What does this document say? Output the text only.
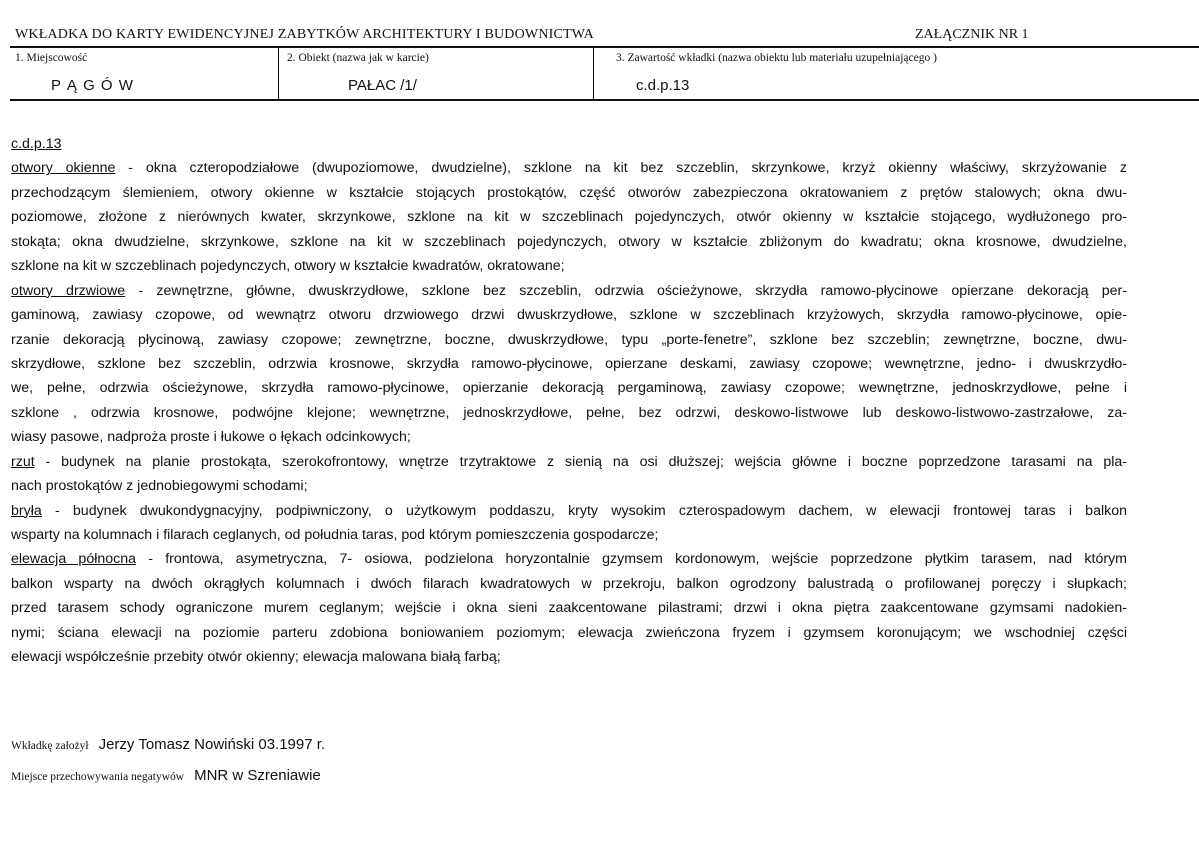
WKŁADKA DO KARTY EWIDENCYJNEJ ZABYTKÓW ARCHITEKTURY I BUDOWNICTWA	ZAŁĄCZNIK NR 1
1. Miejscowość
P Ą G Ó W
2. Obiekt (nazwa jak w karcie)
PAŁAC /1/
3. Zawartość wkładki (nazwa obiektu lub materiału uzupełniającego )
c.d.p.13
c.d.p.13
otwory okienne - okna czteropodziałowe (dwupoziomowe, dwudzielne), szklone na kit bez szczeblin, skrzynkowe, krzyż okienny właściwy, skrzyżowanie z
przechodzącym ślemieniem, otwory okienne w kształcie stojących prostokątów, część otworów zabezpieczona okratowaniem z prętów stalowych; okna dwu-
poziomowe, złożone z nierównych kwater, skrzynkowe, szklone na kit w szczeblinach pojedynczych, otwór okienny w kształcie stojącego, wydłużonego pro-
stokąta; okna dwudzielne, skrzynkowe, szklone na kit w szczeblinach pojedynczych, otwory w kształcie zbliżonym do kwadratu; okna krosnowe, dwudzielne,
szklone na kit w szczeblinach pojedynczych, otwory w kształcie kwadratów, okratowane;
otwory drzwiowe - zewnętrzne, główne, dwuskrzydłowe, szklone bez szczeblin, odrzwia ościeżynowe, skrzydła ramowo-płycinowe opierzane dekoracją per-
gaminową, zawiasy czopowe, od wewnątrz otworu drzwiowego drzwi dwuskrzydłowe, szklone w szczeblinach krzyżowych, skrzydła ramowo-płycinowe, opie-
rzanie dekoracją płycinową, zawiasy czopowe; zewnętrzne, boczne, dwuskrzydłowe, typu „porte-fenetre”, szklone bez szczeblin; zewnętrzne, boczne, dwu-
skrzydłowe, szklone bez szczeblin, odrzwia krosnowe, skrzydła ramowo-płycinowe, opierzane deskami, zawiasy czopowe; wewnętrzne, jedno- i dwuskrzydło-
we, pełne, odrzwia ościeżynowe, skrzydła ramowo-płycinowe, opierzanie dekoracją pergaminową, zawiasy czopowe; wewnętrzne, jednoskrzydłowe, pełne i
szklone , odrzwia krosnowe, podwójne klejone; wewnętrzne, jednoskrzydłowe, pełne, bez odrzwi, deskowo-listwowe lub deskowo-listwowo-zastrzałowe, za-
wiasy pasowe, nadproża proste i łukowe o łękach odcinkowych;
rzut - budynek na planie prostokąta, szerokofrontowy, wnętrze trzytraktowe z sienią na osi dłuższej; wejścia główne i boczne poprzedzone tarasami na pla-
nach prostokątów z jednobiegowymi schodami;
bryła - budynek dwukondygnacyjny, podpiwniczony, o użytkowym poddaszu, kryty wysokim czterospadowym dachem, w elewacji frontowej taras i balkon
wsparty na kolumnach i filarach ceglanych, od południa taras, pod którym pomieszczenia gospodarcze;
elewacja północna - frontowa, asymetryczna, 7- osiowa, podzielona horyzontalnie gzymsem kordonowym, wejście poprzedzone płytkim tarasem, nad którym
balkon wsparty na dwóch okrągłych kolumnach i dwóch filarach kwadratowych w przekroju, balkon ogrodzony balustradą o profilowanej poręczy i słupkach;
przed tarasem schody ograniczone murem ceglanym; wejście i okna sieni zaakcentowane pilastrami; drzwi i okna piętra zaakcentowane gzymsami nadokien-
nymi; ściana elewacji na poziomie parteru zdobiona boniowaniem poziomym; elewacja zwieńczona fryzem i gzymsem koronującym; we wschodniej części
elewacji współcześnie przebity otwór okienny; elewacja malowana białą farbą;
Wkładkę założył Jerzy Tomasz Nowiński 03.1997 r.
Miejsce przechowywania negatywów MNR w Szreniawie
